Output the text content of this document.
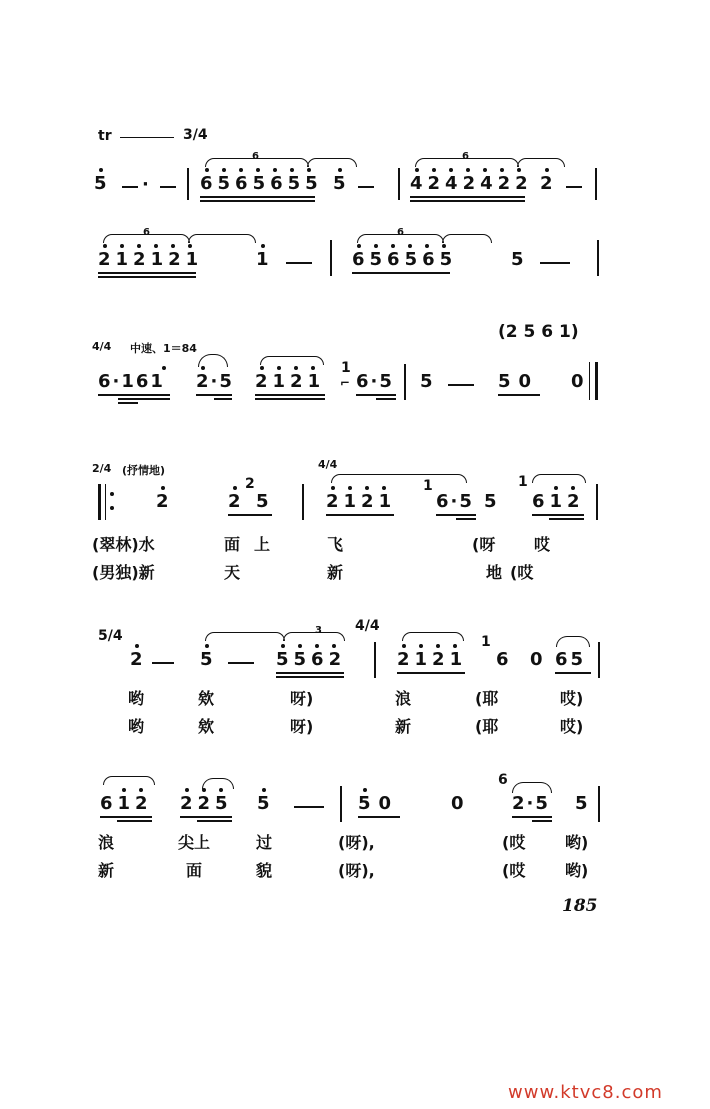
tr	3/4
5 ·	6565655
6
5	4242422
6
2
212121
6
1	656565
6
5
4/4 中速、1＝84
(2 5 6 1)
6·161 2·5 2121
1
⌐ 6·5 5	50 0
2/4 (抒情地)	4/4
2	2
2
5	2121
1
6·5 5
1
612
(翠林)水	面 上	飞	(呀 哎
(男独)新	天	新	地 (哎
5/4
4/4
2	5	5562
3
2121
1
6 0 65
哟	欸	呀)	浪	(耶	哎)
哟	欸	呀)	新	(耶	哎)
612 225 5	50	0
6
2·5 5
浪	尖上	过	(呀),	(哎 哟)
新	面	貌	(呀),	(哎 哟)
185
www.ktvc8.com
